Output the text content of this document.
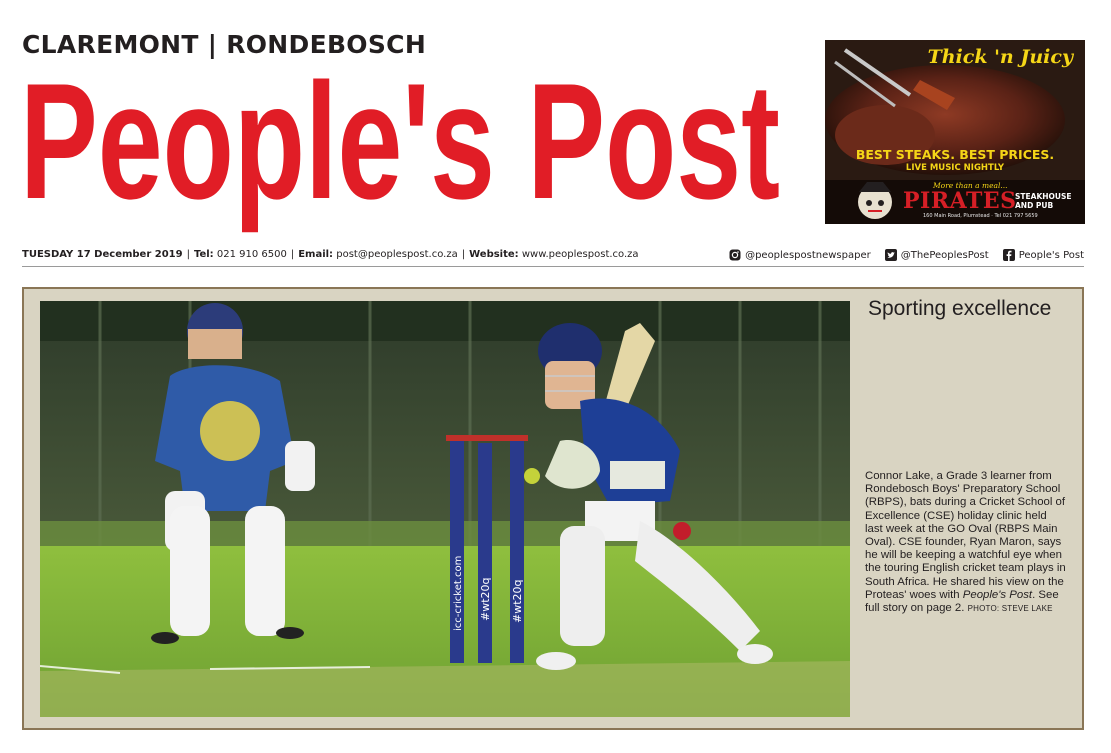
CLAREMONT | RONDEBOSCH
People's Post	Thick 'n Juicy
BEST STEAKS. BEST PRICES.
LIVE MUSIC NIGHTLY
More than a meal...
PIRATES
STEAKHOUSE AND PUB
160 Main Road, Plumstead · Tel 021 797 5659
TUESDAY 17 December 2019 | Tel: 021 910 6500 | Email: post@peoplespost.co.za | Website: www.peoplespost.co.za	@peoplespostnewspaper	@ThePeoplesPost	People's Post
icc-cricket.com #wt20q #wt20q
Sporting excellence

Connor Lake, a Grade 3 learner from Rondebosch Boys' Preparatory School (RBPS), bats during a Cricket School of Excellence (CSE) holiday clinic held last week at the GO Oval (RBPS Main Oval). CSE founder, Ryan Maron, says he will be keeping a watchful eye when the touring English cricket team plays in South Africa. He shared his view on the Proteas' woes with People's Post. See full story on page 2. PHOTO: STEVE LAKE
